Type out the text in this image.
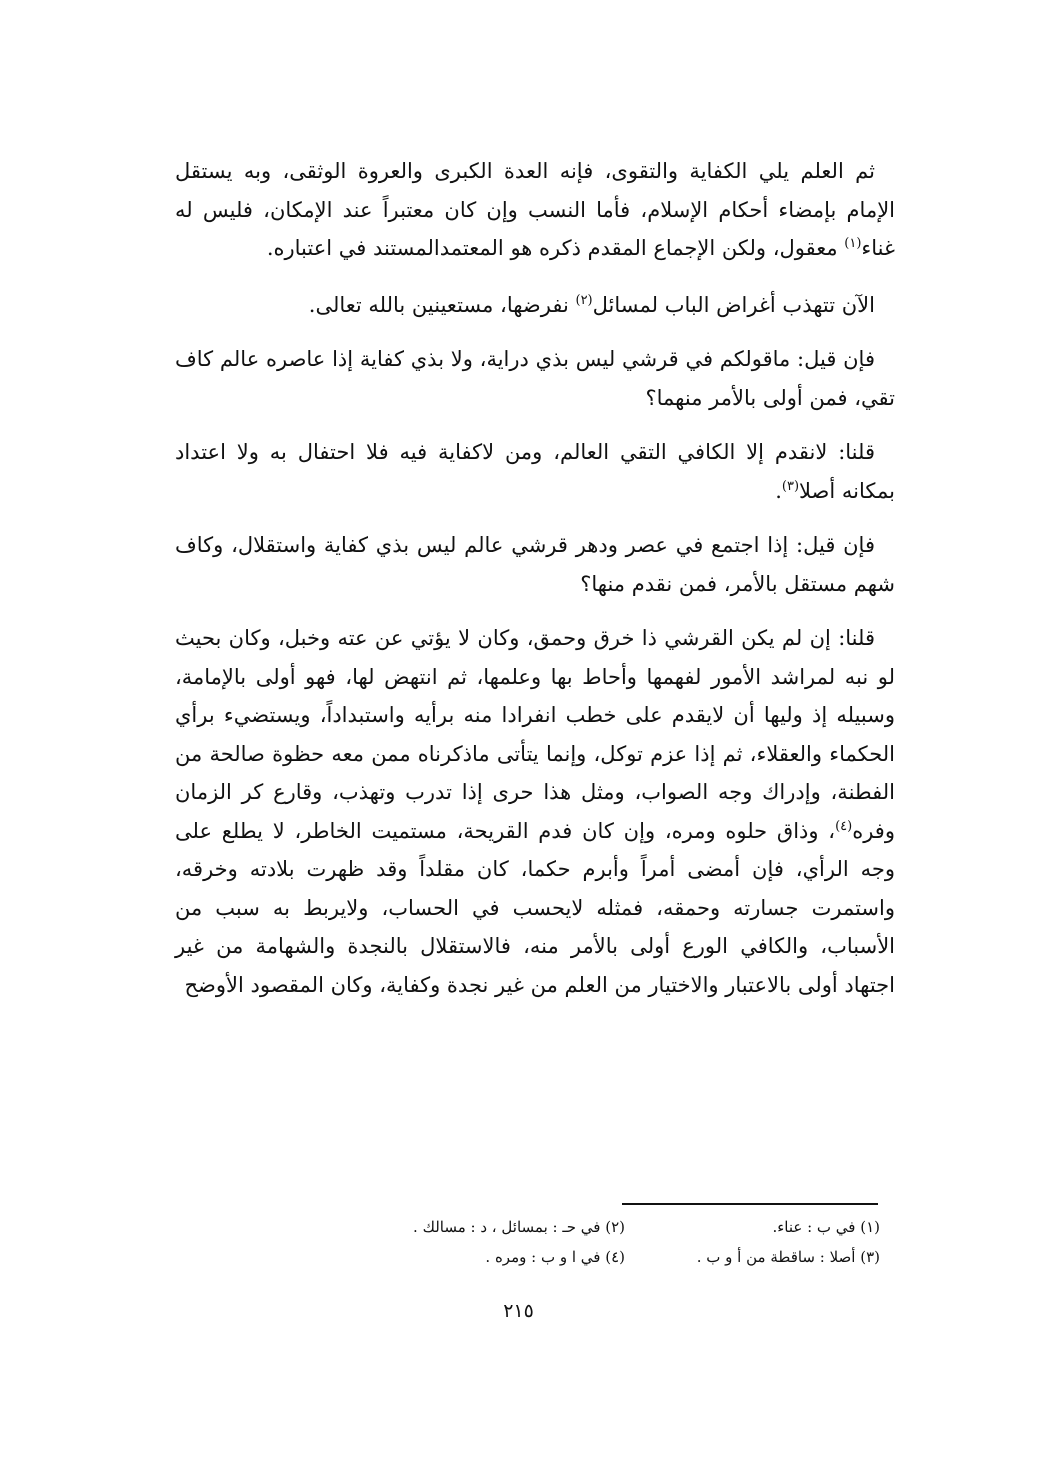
ثم العلم يلي الكفاية والتقوى، فإنه العدة الكبرى والعروة الوثقى، وبه يستقل الإمام بإمضاء أحكام الإسلام، فأما النسب وإن كان معتبراً عند الإمكان، فليس له غناء$^{(١)}$ معقول، ولكن الإجماع المقدم ذكره هو المعتمدالمستند في اعتباره.

الآن تتهذب أغراض الباب لمسائل$^{(٢)}$ نفرضها، مستعينين بالله تعالى.

فإن قيل: ماقولكم في قرشي ليس بذي دراية، ولا بذي كفاية إذا عاصره عالم كاف تقي، فمن أولى بالأمر منهما؟

قلنا: لانقدم إلا الكافي التقي العالم، ومن لاكفاية فيه فلا احتفال به ولا اعتداد بمكانه أصلا$^{(٣)}$.

فإن قيل: إذا اجتمع في عصر ودهر قرشي عالم ليس بذي كفاية واستقلال، وكاف شهم مستقل بالأمر، فمن نقدم منها؟

قلنا: إن لم يكن القرشي ذا خرق وحمق، وكان لا يؤتي عن عته وخبل، وكان بحيث لو نبه لمراشد الأمور لفهمها وأحاط بها وعلمها، ثم انتهض لها، فهو أولى بالإمامة، وسبيله إذ وليها أن لايقدم على خطب انفرادا منه برأيه واستبداداً، ويستضيء برأي الحكماء والعقلاء، ثم إذا عزم توكل، وإنما يتأتى ماذكرناه ممن معه حظوة صالحة من الفطنة، وإدراك وجه الصواب، ومثل هذا حرى إذا تدرب وتهذب، وقارع كر الزمان وفره$^{(٤)}$، وذاق حلوه ومره، وإن كان فدم القريحة، مستميت الخاطر، لا يطلع على وجه الرأي، فإن أمضى أمراً وأبرم حكما، كان مقلداً وقد ظهرت بلادته وخرقه، واستمرت جسارته وحمقه، فمثله لايحسب في الحساب، ولايربط به سبب من الأسباب، والكافي الورع أولى بالأمر منه، فالاستقلال بالنجدة والشهامة من غير اجتهاد أولى بالاعتبار والاختيار من العلم من غير نجدة وكفاية، وكان المقصود الأوضح

(١) في ب : عناء.
(٢) في حـ : بمسائل ، د : مسالك .
(٣) أصلا : ساقطة من أ و ب .
(٤) في ا و ب : ومره .
٢١٥
